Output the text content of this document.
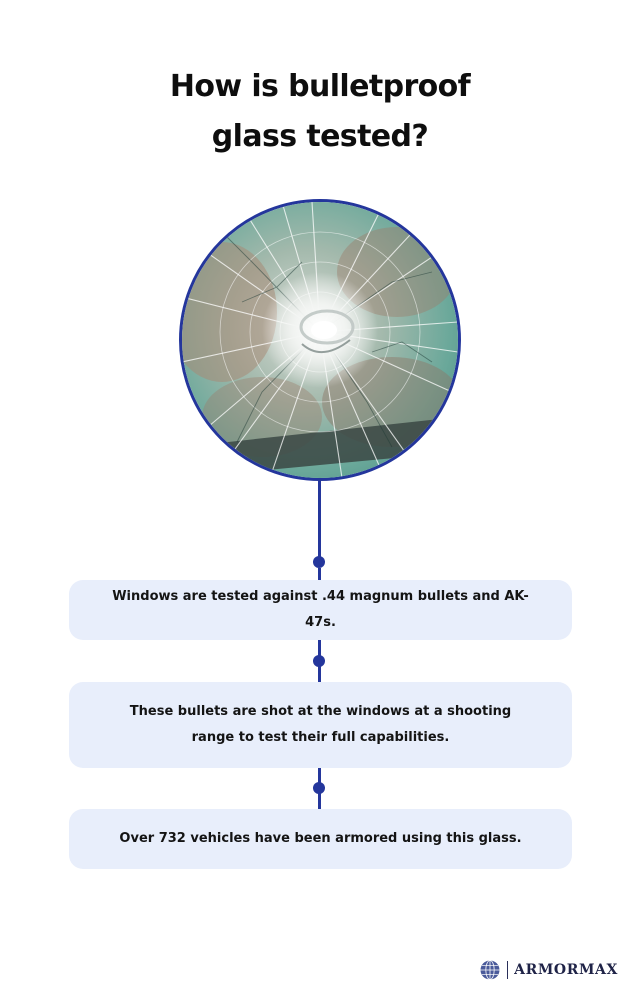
How is bulletproof
glass tested?
Windows are tested against .44 magnum bullets and AK-47s.
These bullets are shot at the windows at a shooting range to test their full capabilities.
Over 732 vehicles have been armored using this glass.
ARMORMAX
